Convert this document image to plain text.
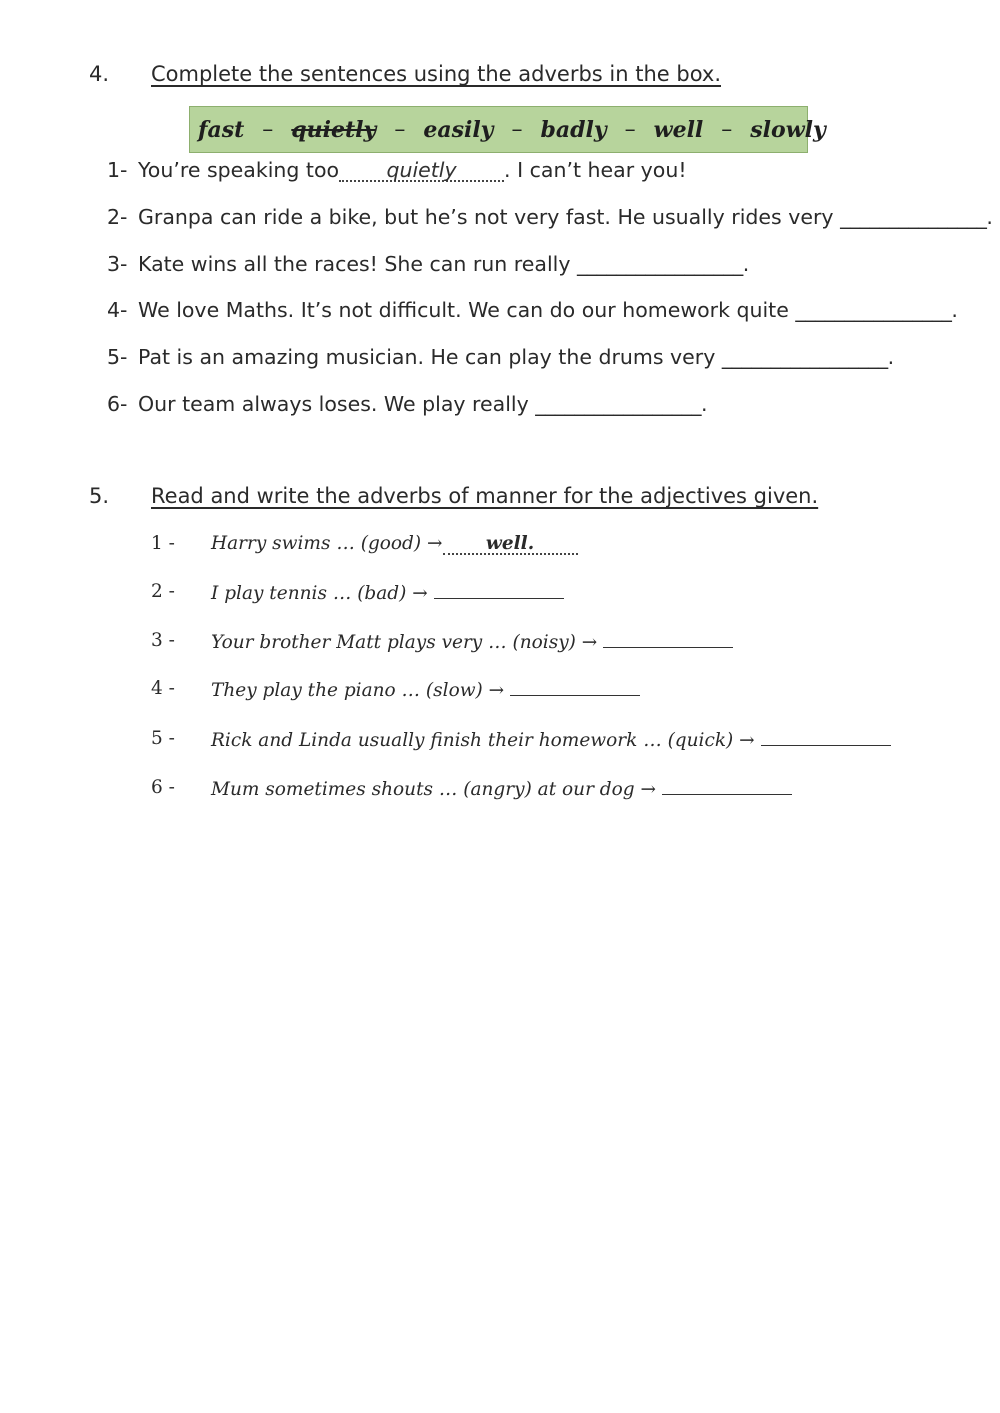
4. Complete the sentences using the adverbs in the box.
fast – quietly – easily – badly – well – slowly
1- You’re speaking too quietly . I can’t hear you!
2- Granpa can ride a bike, but he’s not very fast. He usually rides very _______________.
3- Kate wins all the races! She can run really _________________.
4- We love Maths. It’s not difficult. We can do our homework quite ________________.
5- Pat is an amazing musician. He can play the drums very _________________.
6- Our team always loses. We play really _________________.
5. Read and write the adverbs of manner for the adjectives given.
1 - Harry swims … (good) → well.
2 - I play tennis … (bad) →
3 - Your brother Matt plays very … (noisy) →
4 - They play the piano … (slow) →
5 - Rick and Linda usually finish their homework … (quick) →
6 - Mum sometimes shouts … (angry) at our dog →
